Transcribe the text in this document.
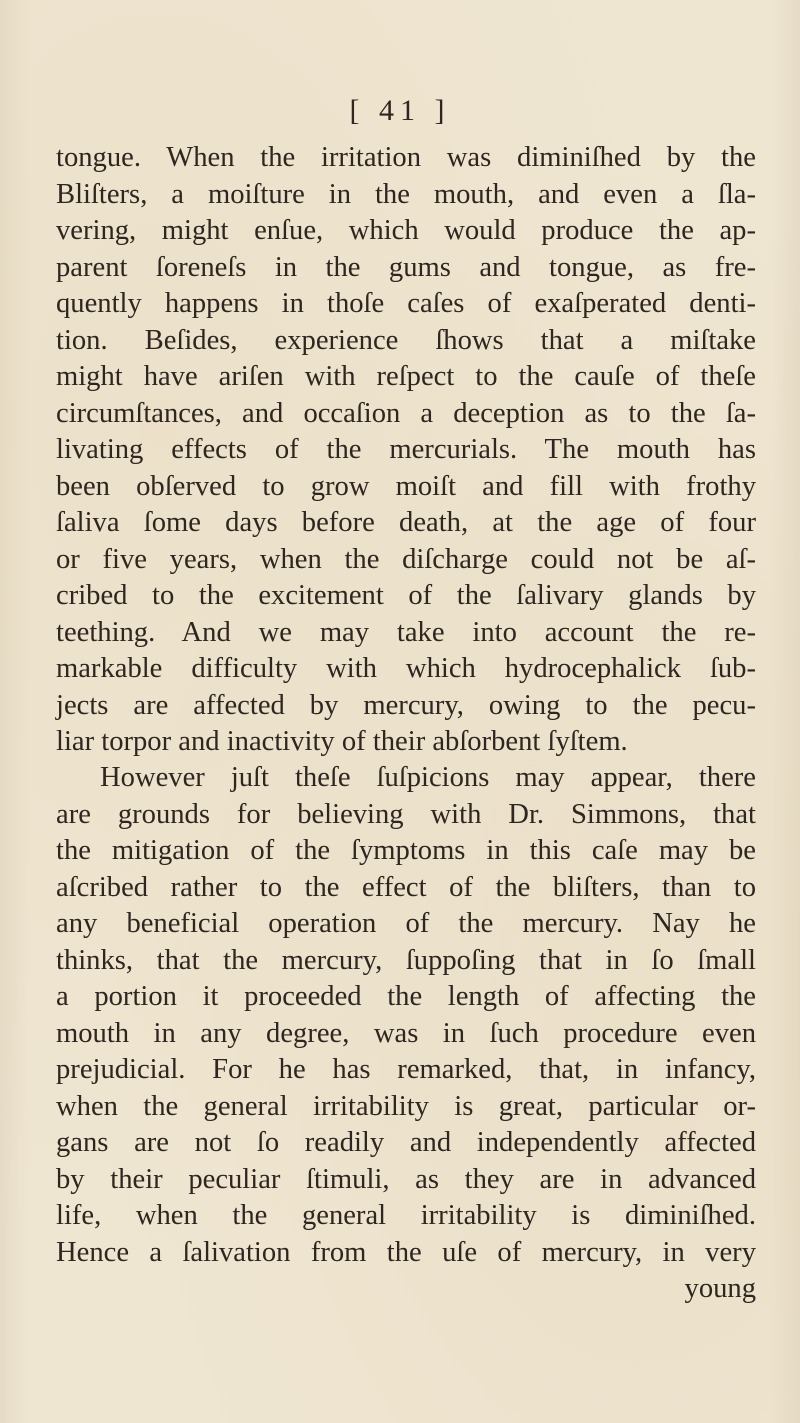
[ 41 ]

tongue. When the irritation was diminiſhed by the
Bliſters, a moiſture in the mouth, and even a ſla-
vering, might enſue, which would produce the ap-
parent ſoreneſs in the gums and tongue, as fre-
quently happens in thoſe caſes of exaſperated denti-
tion. Beſides, experience ſhows that a miſtake
might have ariſen with reſpect to the cauſe of theſe
circumſtances, and occaſion a deception as to the ſa-
livating effects of the mercurials. The mouth has
been obſerved to grow moiſt and fill with frothy
ſaliva ſome days before death, at the age of four
or five years, when the diſcharge could not be aſ-
cribed to the excitement of the ſalivary glands by
teething. And we may take into account the re-
markable difficulty with which hydrocephalick ſub-
jects are affected by mercury, owing to the pecu-
liar torpor and inactivity of their abſorbent ſyſtem.

However juſt theſe ſuſpicions may appear, there
are grounds for believing with Dr. Simmons, that
the mitigation of the ſymptoms in this caſe may be
aſcribed rather to the effect of the bliſters, than to
any beneficial operation of the mercury. Nay he
thinks, that the mercury, ſuppoſing that in ſo ſmall
a portion it proceeded the length of affecting the
mouth in any degree, was in ſuch procedure even
prejudicial. For he has remarked, that, in infancy,
when the general irritability is great, particular or-
gans are not ſo readily and independently affected
by their peculiar ſtimuli, as they are in advanced
life, when the general irritability is diminiſhed.
Hence a ſalivation from the uſe of mercury, in very
young
